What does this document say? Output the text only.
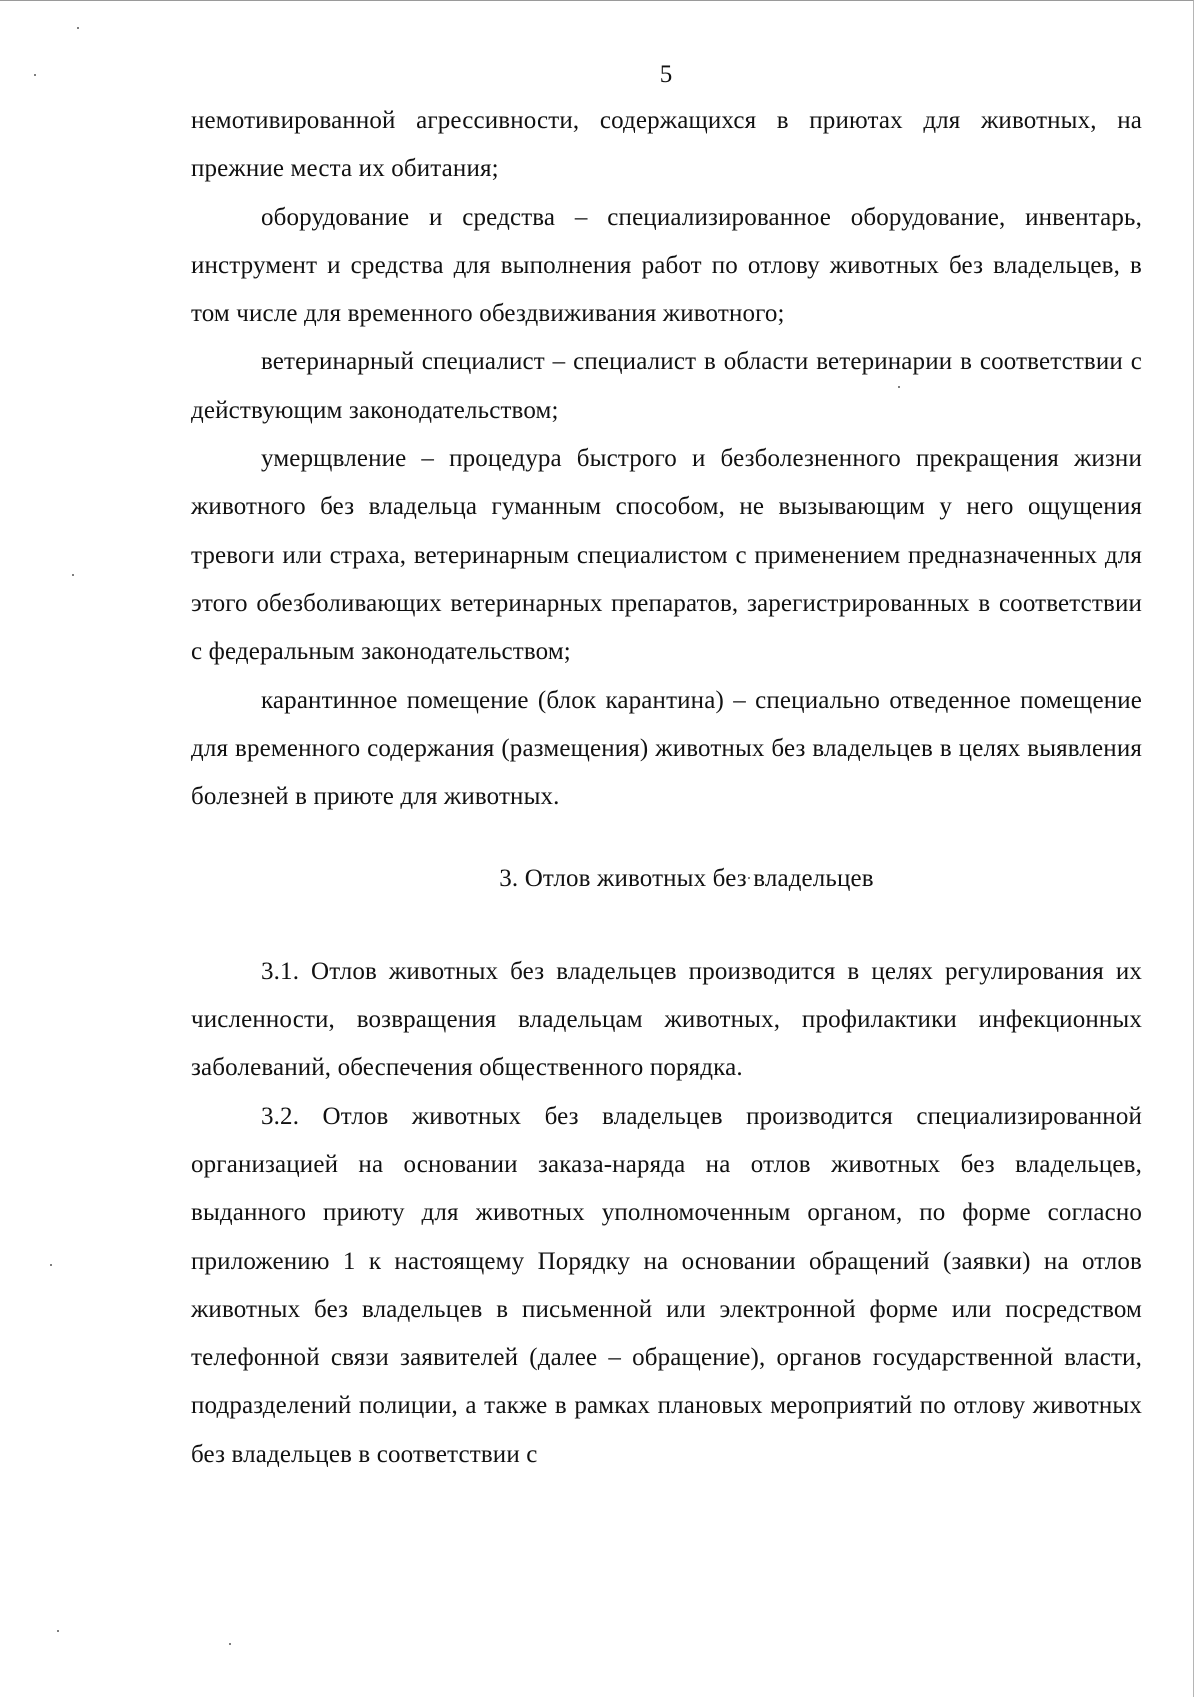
5

немотивированной агрессивности, содержащихся в приютах для животных, на прежние места их обитания;

оборудование и средства – специализированное оборудование, инвентарь, инструмент и средства для выполнения работ по отлову животных без владельцев, в том числе для временного обездвиживания животного;

ветеринарный специалист – специалист в области ветеринарии в соответствии с действующим законодательством;

умерщвление – процедура быстрого и безболезненного прекращения жизни животного без владельца гуманным способом, не вызывающим у него ощущения тревоги или страха, ветеринарным специалистом с применением предназначенных для этого обезболивающих ветеринарных препаратов, зарегистрированных в соответствии с федеральным законодательством;

карантинное помещение (блок карантина) – специально отведенное помещение для временного содержания (размещения) животных без владельцев в целях выявления болезней в приюте для животных.

3. Отлов животных без владельцев

3.1. Отлов животных без владельцев производится в целях регулирования их численности, возвращения владельцам животных, профилактики инфекционных заболеваний, обеспечения общественного порядка.

3.2. Отлов животных без владельцев производится специализированной организацией на основании заказа-наряда на отлов животных без владельцев, выданного приюту для животных уполномоченным органом, по форме согласно приложению 1 к настоящему Порядку на основании обращений (заявки) на отлов животных без владельцев в письменной или электронной форме или посредством телефонной связи заявителей (далее – обращение), органов государственной власти, подразделений полиции, а также в рамках плановых мероприятий по отлову животных без владельцев в соответствии с
